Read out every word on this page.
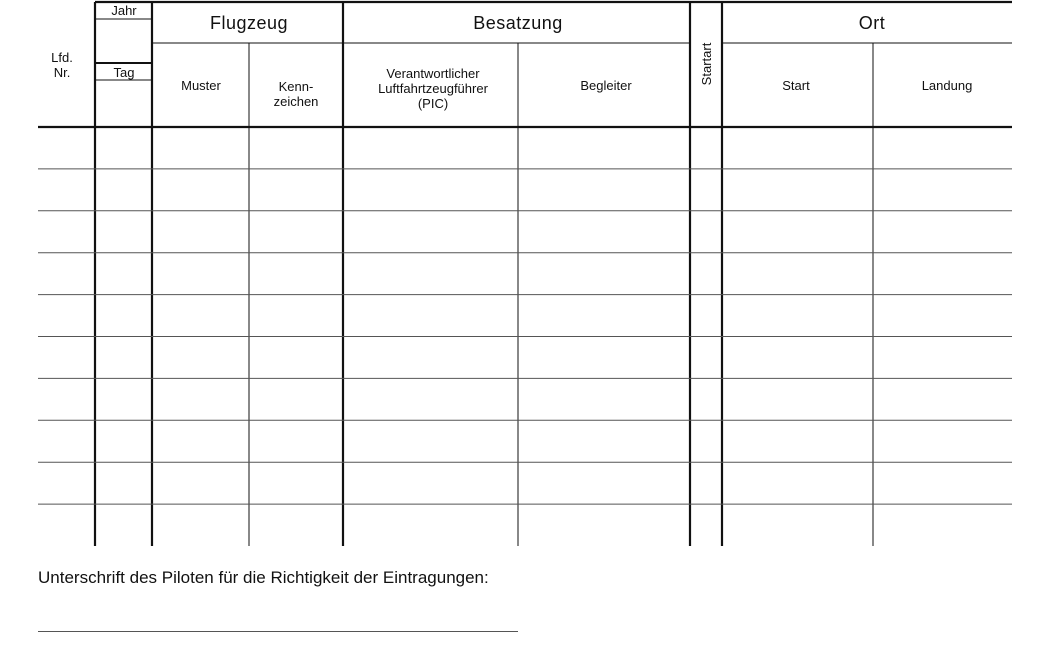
Lfd.
Nr.
Jahr
Tag
Flugzeug
Muster	Kenn-
zeichen
Besatzung
Verantwortlicher
Luftfahrtzeugführer
(PIC)
Begleiter
Startart
Ort
Start	Landung
Unterschrift des Piloten für die Richtigkeit der Eintragungen:
